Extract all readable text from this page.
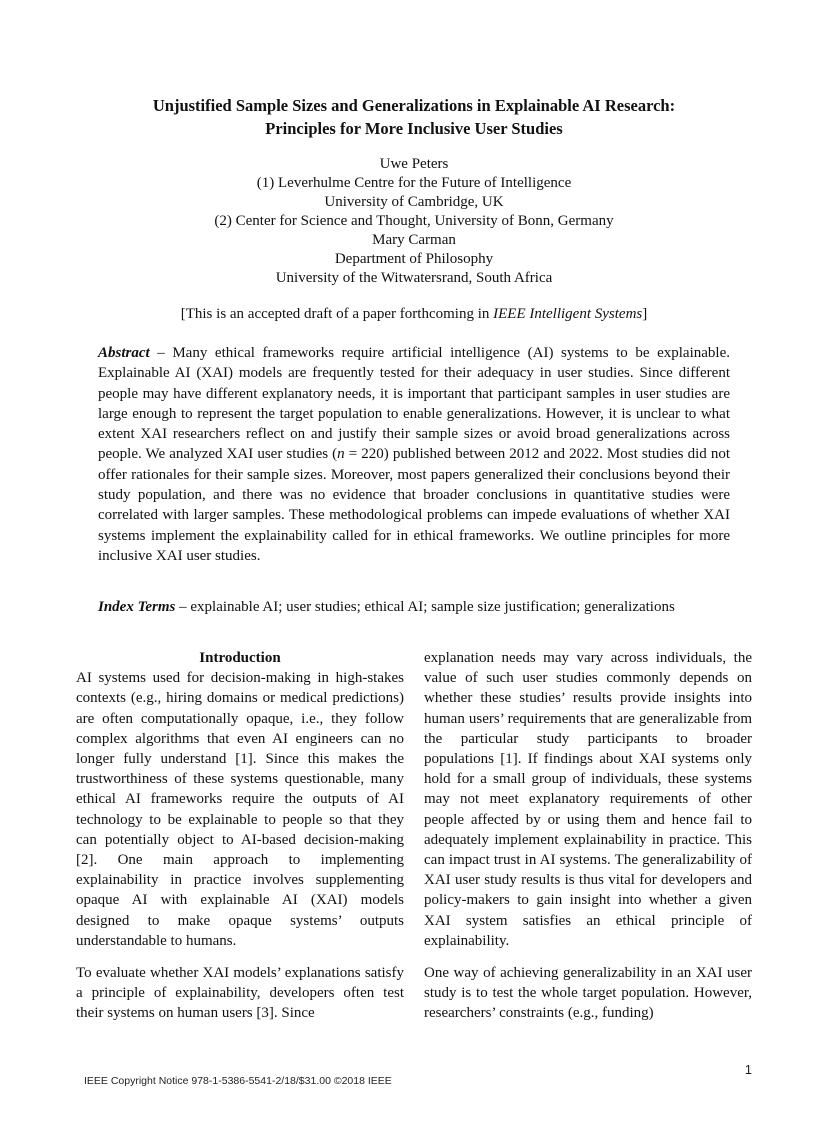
Unjustified Sample Sizes and Generalizations in Explainable AI Research:
Principles for More Inclusive User Studies
Uwe Peters
(1) Leverhulme Centre for the Future of Intelligence
University of Cambridge, UK
(2) Center for Science and Thought, University of Bonn, Germany
Mary Carman
Department of Philosophy
University of the Witwatersrand, South Africa
[This is an accepted draft of a paper forthcoming in IEEE Intelligent Systems]
Abstract – Many ethical frameworks require artificial intelligence (AI) systems to be explainable. Explainable AI (XAI) models are frequently tested for their adequacy in user studies. Since different people may have different explanatory needs, it is important that participant samples in user studies are large enough to represent the target population to enable generalizations. However, it is unclear to what extent XAI researchers reflect on and justify their sample sizes or avoid broad generalizations across people. We analyzed XAI user studies (n = 220) published between 2012 and 2022. Most studies did not offer rationales for their sample sizes. Moreover, most papers generalized their conclusions beyond their study population, and there was no evidence that broader conclusions in quantitative studies were correlated with larger samples. These methodological problems can impede evaluations of whether XAI systems implement the explainability called for in ethical frameworks. We outline principles for more inclusive XAI user studies.
Index Terms – explainable AI; user studies; ethical AI; sample size justification; generalizations

Introduction

AI systems used for decision-making in high-stakes contexts (e.g., hiring domains or medical predictions) are often computationally opaque, i.e., they follow complex algorithms that even AI engineers can no longer fully understand [1]. Since this makes the trustworthiness of these systems questionable, many ethical AI frameworks require the outputs of AI technology to be explainable to people so that they can potentially object to AI-based decision-making [2]. One main approach to implementing explainability in practice involves supplementing opaque AI with explainable AI (XAI) models designed to make opaque systems’ outputs understandable to humans.

To evaluate whether XAI models’ explanations satisfy a principle of explainability, developers often test their systems on human users [3]. Since

explanation needs may vary across individuals, the value of such user studies commonly depends on whether these studies’ results provide insights into human users’ requirements that are generalizable from the particular study participants to broader populations [1]. If findings about XAI systems only hold for a small group of individuals, these systems may not meet explanatory requirements of other people affected by or using them and hence fail to adequately implement explainability in practice. This can impact trust in AI systems. The generalizability of XAI user study results is thus vital for developers and policy-makers to gain insight into whether a given XAI system satisfies an ethical principle of explainability.

One way of achieving generalizability in an XAI user study is to test the whole target population. However, researchers’ constraints (e.g., funding)

1
IEEE Copyright Notice 978-1-5386-5541-2/18/$31.00 ©2018 IEEE
